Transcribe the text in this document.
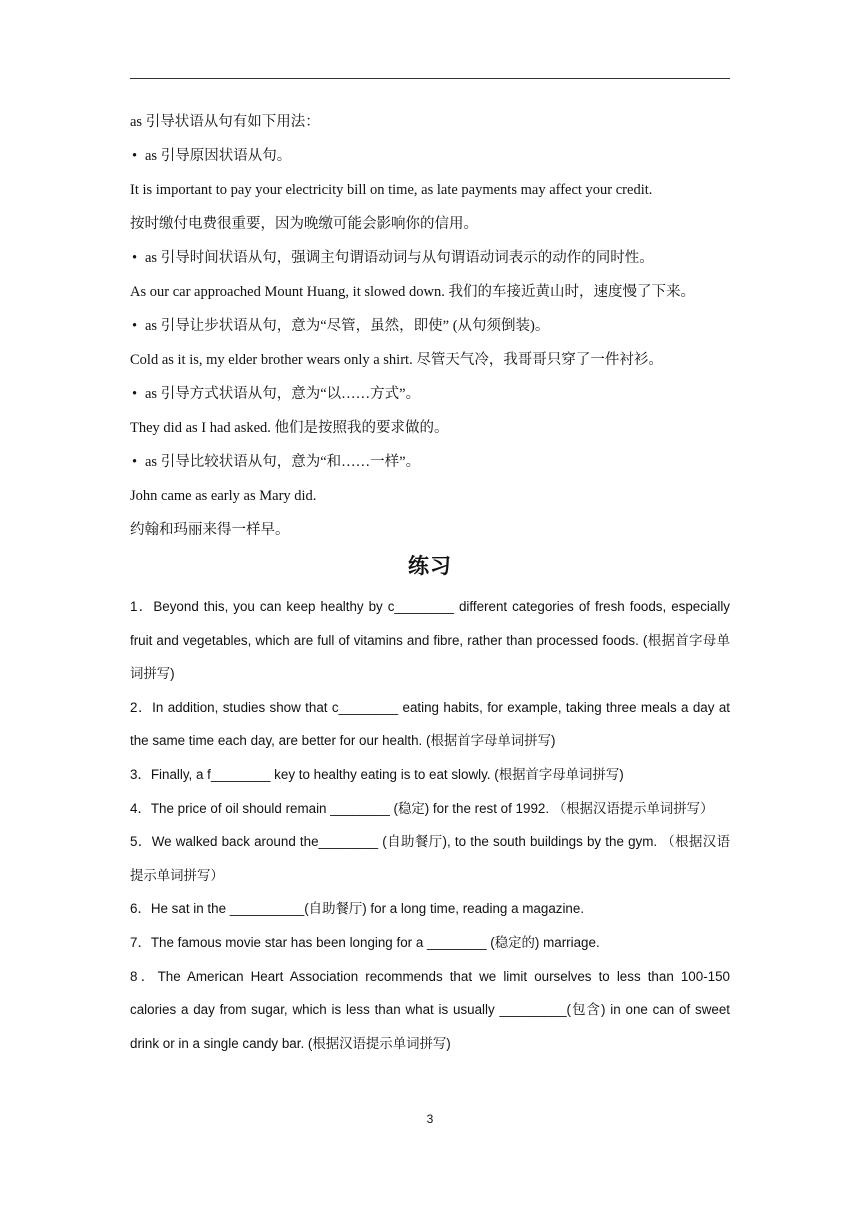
as 引导状语从句有如下用法：
• as 引导原因状语从句。
It is important to pay your electricity bill on time, as late payments may affect your credit.
按时缴付电费很重要，因为晚缴可能会影响你的信用。
• as 引导时间状语从句，强调主句谓语动词与从句谓语动词表示的动作的同时性。
As our car approached Mount Huang, it slowed down. 我们的车接近黄山时，速度慢了下来。
• as 引导让步状语从句，意为“尽管，虽然，即使” (从句须倒装)。
Cold as it is, my elder brother wears only a shirt. 尽管天气冷，我哥哥只穿了一件衬衫。
• as 引导方式状语从句，意为“以……方式”。
They did as I had asked. 他们是按照我的要求做的。
• as 引导比较状语从句，意为“和……一样”。
John came as early as Mary did.
约翰和玛丽来得一样早。
练习
1．Beyond this, you can keep healthy by c________ different categories of fresh foods, especially fruit and vegetables, which are full of vitamins and fibre, rather than processed foods. (根据首字母单词拼写)
2．In addition, studies show that c________ eating habits, for example, taking three meals a day at the same time each day, are better for our health. (根据首字母单词拼写)
3．Finally, a f________ key to healthy eating is to eat slowly. (根据首字母单词拼写)
4．The price of oil should remain ________ (稳定) for the rest of 1992. （根据汉语提示单词拼写）
5．We walked back around the________ (自助餐厅), to the south buildings by the gym. （根据汉语提示单词拼写）
6．He sat in the __________(自助餐厅) for a long time, reading a magazine.
7．The famous movie star has been longing for a ________ (稳定的) marriage.
8．The American Heart Association recommends that we limit ourselves to less than 100-150 calories a day from sugar, which is less than what is usually _________(包含) in one can of sweet drink or in a single candy bar. (根据汉语提示单词拼写)
3
